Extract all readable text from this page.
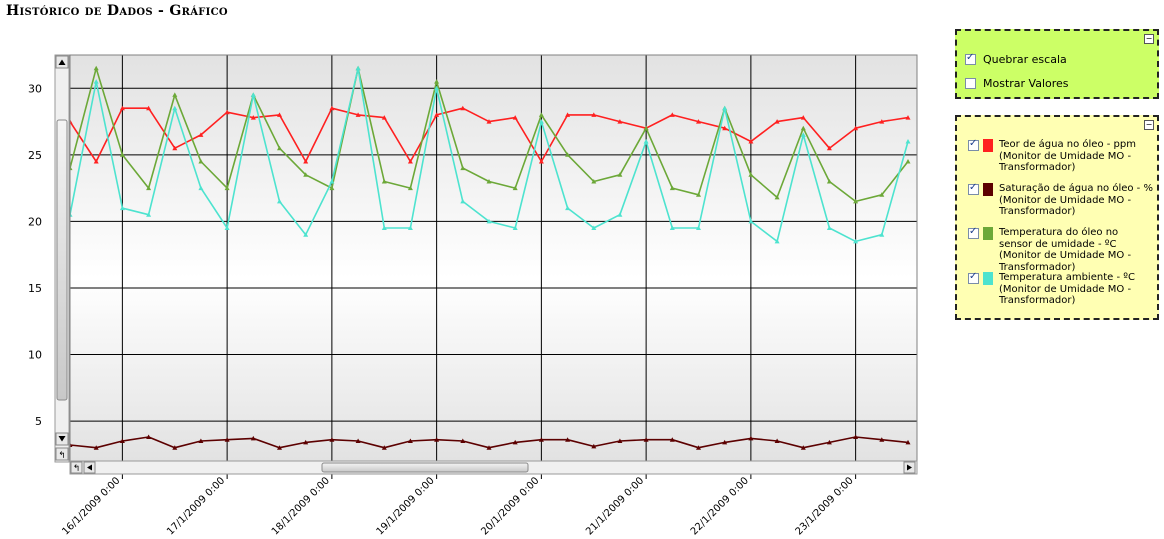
Histórico de Dados - Gráfico
5
10
15
20
25
30
16/1/2009 0:00	17/1/2009 0:00	18/1/2009 0:00	19/1/2009 0:00	20/1/2009 0:00	21/1/2009 0:00	22/1/2009 0:00	23/1/2009 0:00
↰
↰
−
✓
Quebrar escala
Mostrar Valores
−
✓
Teor de água no óleo - ppm (Monitor de Umidade MO - Transformador)
✓
Saturação de água no óleo - % (Monitor de Umidade MO - Transformador)
✓
Temperatura do óleo no sensor de umidade - ºC (Monitor de Umidade MO - Transformador)
✓
Temperatura ambiente - ºC (Monitor de Umidade MO - Transformador)
